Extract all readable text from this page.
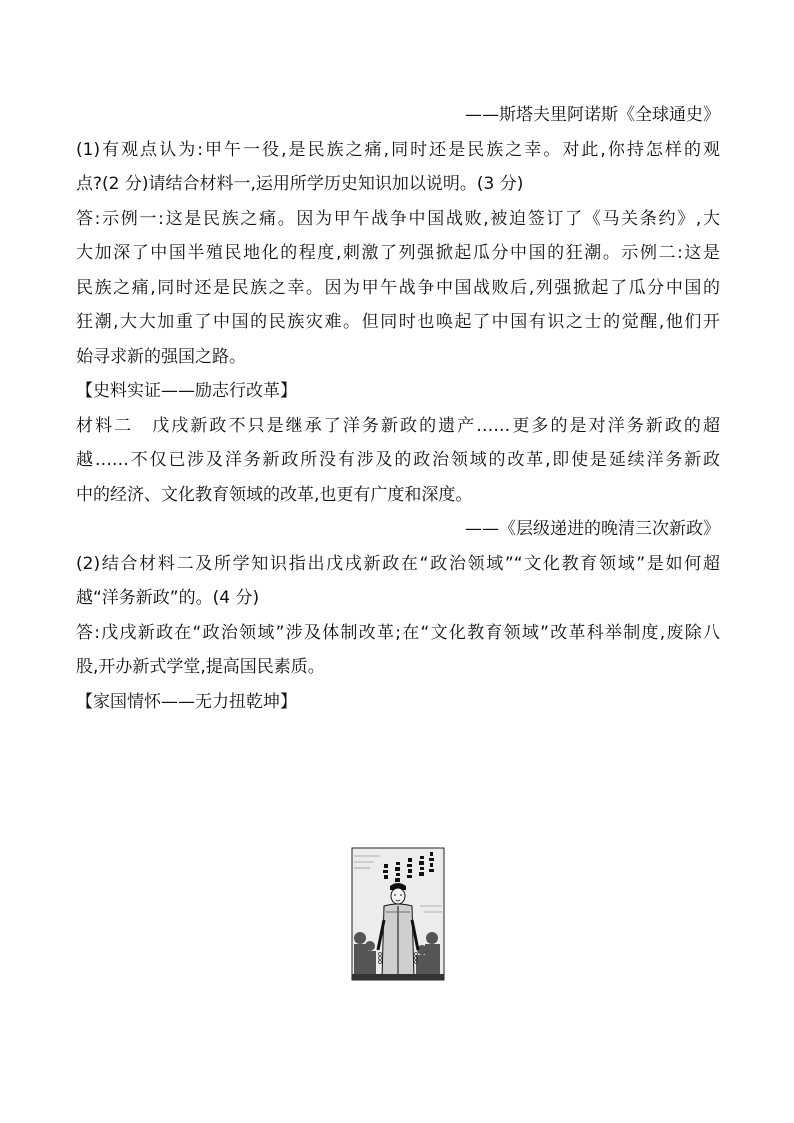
——斯塔夫里阿诺斯《全球通史》
(1)有观点认为:甲午一役,是民族之痛,同时还是民族之幸。对此,你持怎样的观
点?(2 分)请结合材料一,运用所学历史知识加以说明。(3 分)
答:示例一:这是民族之痛。因为甲午战争中国战败,被迫签订了《马关条约》,大
大加深了中国半殖民地化的程度,刺激了列强掀起瓜分中国的狂潮。示例二:这是
民族之痛,同时还是民族之幸。因为甲午战争中国战败后,列强掀起了瓜分中国的
狂潮,大大加重了中国的民族灾难。但同时也唤起了中国有识之士的觉醒,他们开
始寻求新的强国之路。
【史料实证——励志行改革】
材料二　戊戌新政不只是继承了洋务新政的遗产……更多的是对洋务新政的超
越……不仅已涉及洋务新政所没有涉及的政治领域的改革,即使是延续洋务新政
中的经济、文化教育领域的改革,也更有广度和深度。
——《层级递进的晚清三次新政》
(2)结合材料二及所学知识指出戊戌新政在“政治领域”“文化教育领域”是如何超
越“洋务新政”的。(4 分)
答:戊戌新政在“政治领域”涉及体制改革;在“文化教育领域”改革科举制度,废除八
股,开办新式学堂,提高国民素质。
【家国情怀——无力扭乾坤】
